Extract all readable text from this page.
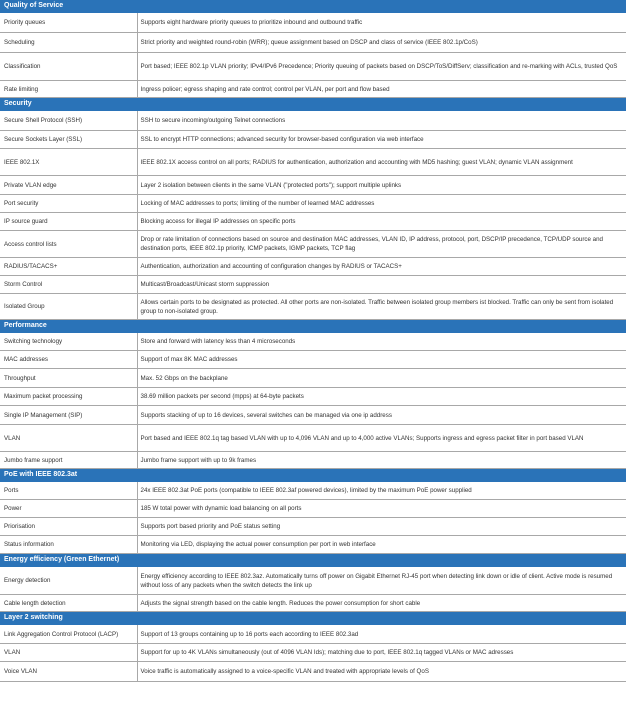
Quality of Service	
Priority queues	Supports eight hardware priority queues to prioritize inbound and outbound traffic
Scheduling	Strict priority and weighted round-robin (WRR); queue assignment based on DSCP and class of service (IEEE 802.1p/CoS)
Classification	Port based; IEEE 802.1p VLAN priority; IPv4/IPv6 Precedence; Priority queuing of packets based on DSCP/ToS/DiffServ; classification and re-marking with ACLs, trusted QoS
Rate limiting	Ingress policer; egress shaping and rate control; control per VLAN, per port and flow based
Security	
Secure Shell Protocol (SSH)	SSH to secure incoming/outgoing Telnet connections
Secure Sockets Layer (SSL)	SSL to encrypt HTTP connections; advanced security for browser-based configuration via web interface
IEEE 802.1X	IEEE 802.1X access control on all ports; RADIUS for authentication, authorization and accounting with MD5 hashing; guest VLAN; dynamic VLAN assignment
Private VLAN edge	Layer 2 isolation between clients in the same VLAN ("protected ports"); support multiple uplinks
Port security	Locking of MAC addresses to ports; limiting of the number of learned MAC addresses
IP source guard	Blocking access for illegal IP addresses on specific ports
Access control lists	Drop or rate limitation of connections based on source and destination MAC addresses, VLAN ID, IP address, protocol, port, DSCP/IP precedence, TCP/UDP source and destination ports, IEEE 802.1p priority, ICMP packets, IGMP packets, TCP flag
RADIUS/TACACS+	Authentication, authorization and accounting of configuration changes by RADIUS or TACACS+
Storm Control	Multicast/Broadcast/Unicast storm suppression
Isolated Group	Allows certain ports to be designated as protected. All other ports are non-isolated. Traffic between isolated group members ist blocked. Traffic can only be sent from isolated group to non-isolated group.
Performance	
Switching technology	Store and forward with latency less than 4 microseconds
MAC addresses	Support of max 8K MAC addresses
Throughput	Max. 52 Gbps on the backplane
Maximum packet processing	38.69 million packets per second (mpps) at 64-byte packets
Single IP Management (SIP)	Supports stacking of up to 16 devices, several switches can be managed via one ip address
VLAN	Port based and IEEE 802.1q tag based VLAN with up to 4,096 VLAN and up to 4,000 active VLANs; Supports ingress and egress packet filter in port based VLAN
Jumbo frame support	Jumbo frame support with up to 9k frames
PoE with IEEE 802.3at	
Ports	24x IEEE 802.3at PoE ports (compatible to IEEE 802.3af powered devices), limited by the maximum PoE power supplied
Power	185 W total power with dynamic load balancing on all ports
Priorisation	Supports port based priority and PoE status setting
Status information	Monitoring via LED, displaying the actual power consumption per port in web interface
Energy efficiency (Green Ethernet)	
Energy detection	Energy efficiency according to IEEE 802.3az. Automatically turns off power on Gigabit Ethernet RJ-45 port when detecting link down or idle of client. Active mode is resumed without loss of any packets when the switch detects the link up
Cable length detection	Adjusts the signal strength based on the cable length. Reduces the power consumption for short cable
Layer 2 switching	
Link Aggregation Control Protocol (LACP)	Support of 13 groups containing up to 16 ports each according to IEEE 802.3ad
VLAN	Support for up to 4K VLANs simultaneously (out of 4096 VLAN Ids); matching due to port, IEEE 802.1q tagged VLANs or MAC adresses
Voice VLAN	Voice traffic is automatically assigned to a voice-specific VLAN and treated with appropriate levels of QoS
